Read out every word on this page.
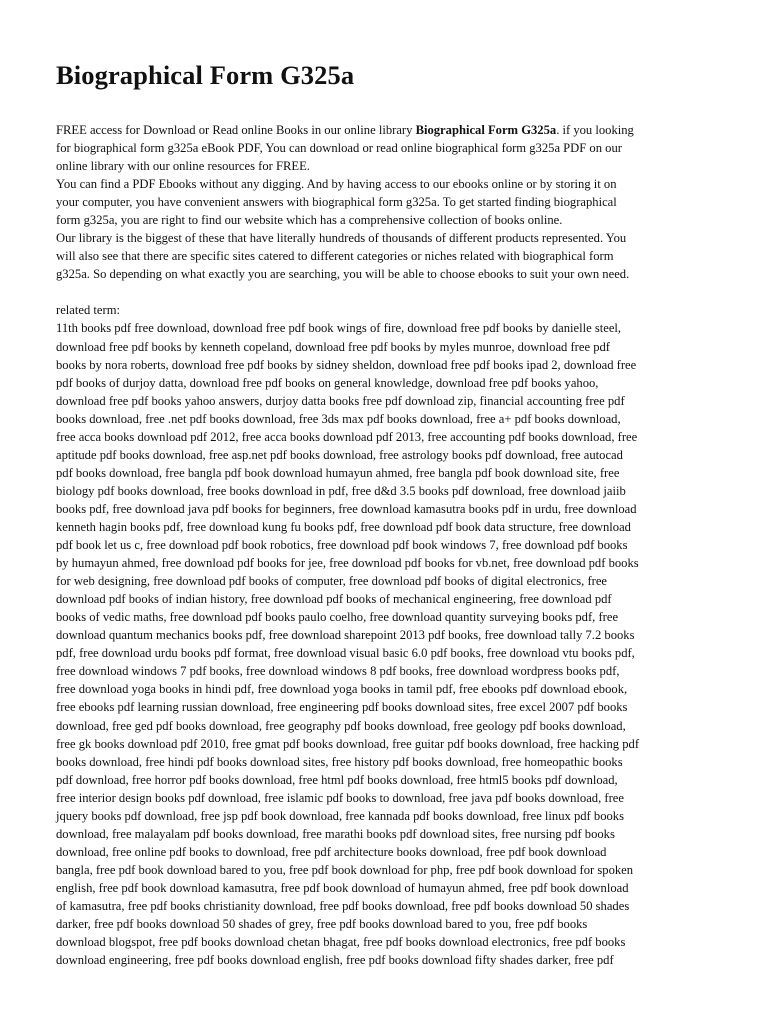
Biographical Form G325a
FREE access for Download or Read online Books in our online library Biographical Form G325a. if you looking
for biographical form g325a eBook PDF, You can download or read online biographical form g325a PDF on our
online library with our online resources for FREE.
You can find a PDF Ebooks without any digging. And by having access to our ebooks online or by storing it on
your computer, you have convenient answers with biographical form g325a. To get started finding biographical
form g325a, you are right to find our website which has a comprehensive collection of books online.
Our library is the biggest of these that have literally hundreds of thousands of different products represented. You
will also see that there are specific sites catered to different categories or niches related with biographical form
g325a. So depending on what exactly you are searching, you will be able to choose ebooks to suit your own need.
related term:
11th books pdf free download, download free pdf book wings of fire, download free pdf books by danielle steel,
download free pdf books by kenneth copeland, download free pdf books by myles munroe, download free pdf
books by nora roberts, download free pdf books by sidney sheldon, download free pdf books ipad 2, download free
pdf books of durjoy datta, download free pdf books on general knowledge, download free pdf books yahoo,
download free pdf books yahoo answers, durjoy datta books free pdf download zip, financial accounting free pdf
books download, free .net pdf books download, free 3ds max pdf books download, free a+ pdf books download,
free acca books download pdf 2012, free acca books download pdf 2013, free accounting pdf books download, free
aptitude pdf books download, free asp.net pdf books download, free astrology books pdf download, free autocad
pdf books download, free bangla pdf book download humayun ahmed, free bangla pdf book download site, free
biology pdf books download, free books download in pdf, free d&d 3.5 books pdf download, free download jaiib
books pdf, free download java pdf books for beginners, free download kamasutra books pdf in urdu, free download
kenneth hagin books pdf, free download kung fu books pdf, free download pdf book data structure, free download
pdf book let us c, free download pdf book robotics, free download pdf book windows 7, free download pdf books
by humayun ahmed, free download pdf books for jee, free download pdf books for vb.net, free download pdf books
for web designing, free download pdf books of computer, free download pdf books of digital electronics, free
download pdf books of indian history, free download pdf books of mechanical engineering, free download pdf
books of vedic maths, free download pdf books paulo coelho, free download quantity surveying books pdf, free
download quantum mechanics books pdf, free download sharepoint 2013 pdf books, free download tally 7.2 books
pdf, free download urdu books pdf format, free download visual basic 6.0 pdf books, free download vtu books pdf,
free download windows 7 pdf books, free download windows 8 pdf books, free download wordpress books pdf,
free download yoga books in hindi pdf, free download yoga books in tamil pdf, free ebooks pdf download ebook,
free ebooks pdf learning russian download, free engineering pdf books download sites, free excel 2007 pdf books
download, free ged pdf books download, free geography pdf books download, free geology pdf books download,
free gk books download pdf 2010, free gmat pdf books download, free guitar pdf books download, free hacking pdf
books download, free hindi pdf books download sites, free history pdf books download, free homeopathic books
pdf download, free horror pdf books download, free html pdf books download, free html5 books pdf download,
free interior design books pdf download, free islamic pdf books to download, free java pdf books download, free
jquery books pdf download, free jsp pdf book download, free kannada pdf books download, free linux pdf books
download, free malayalam pdf books download, free marathi books pdf download sites, free nursing pdf books
download, free online pdf books to download, free pdf architecture books download, free pdf book download
bangla, free pdf book download bared to you, free pdf book download for php, free pdf book download for spoken
english, free pdf book download kamasutra, free pdf book download of humayun ahmed, free pdf book download
of kamasutra, free pdf books christianity download, free pdf books download, free pdf books download 50 shades
darker, free pdf books download 50 shades of grey, free pdf books download bared to you, free pdf books
download blogspot, free pdf books download chetan bhagat, free pdf books download electronics, free pdf books
download engineering, free pdf books download english, free pdf books download fifty shades darker, free pdf
